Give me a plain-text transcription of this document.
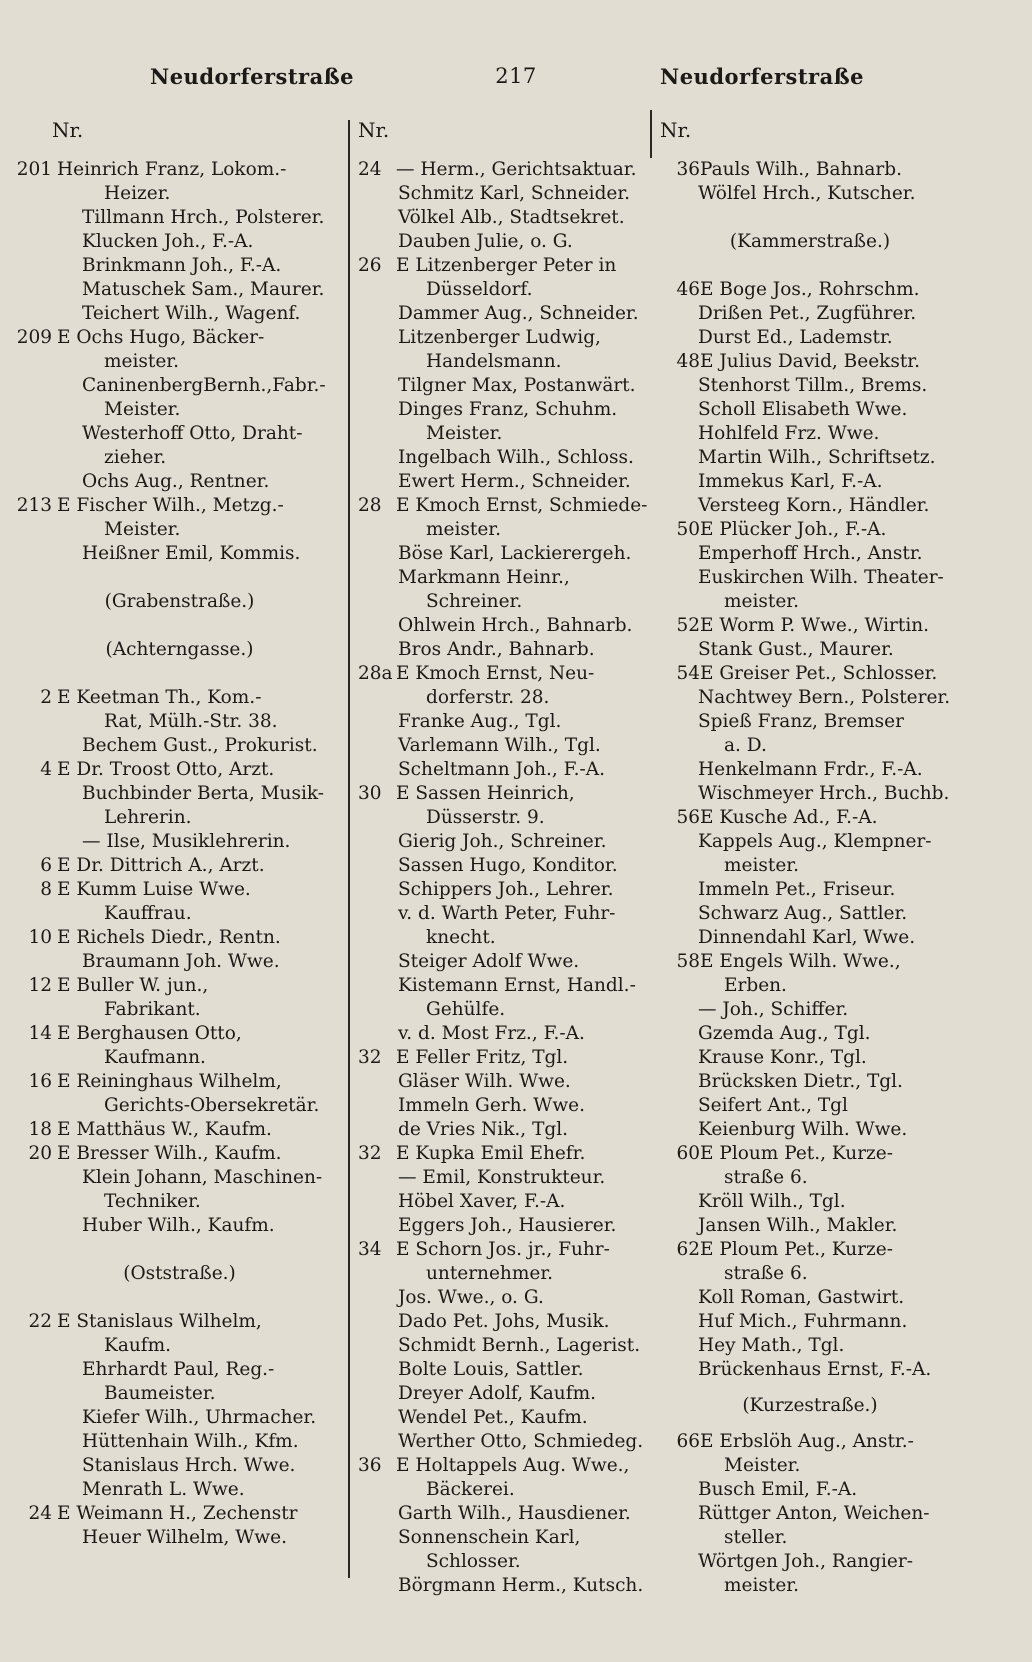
217
Neudorferstraße	Neudorferstraße
Nr.
201 Heinrich Franz, Lokom.-
Heizer.
Tillmann Hrch., Polsterer.
Klucken Joh., F.-A.
Brinkmann Joh., F.-A.
Matuschek Sam., Maurer.
Teichert Wilh., Wagenf.
209 E Ochs Hugo, Bäcker-
meister.
CaninenbergBernh.,Fabr.-
Meister.
Westerhoff Otto, Draht-
zieher.
Ochs Aug., Rentner.
213 E Fischer Wilh., Metzg.-
Meister.
Heißner Emil, Kommis.
(Grabenstraße.)
(Achterngasse.)
2 E Keetman Th., Kom.-
Rat, Mülh.-Str. 38.
Bechem Gust., Prokurist.
4 E Dr. Troost Otto, Arzt.
Buchbinder Berta, Musik-
Lehrerin.
— Ilse, Musiklehrerin.
6 E Dr. Dittrich A., Arzt.
8 E Kumm Luise Wwe.
Kauffrau.
10 E Richels Diedr., Rentn.
Braumann Joh. Wwe.
12 E Buller W. jun.,
Fabrikant.
14 E Berghausen Otto,
Kaufmann.
16 E Reininghaus Wilhelm,
Gerichts-Obersekretär.
18 E Matthäus W., Kaufm.
20 E Bresser Wilh., Kaufm.
Klein Johann, Maschinen-
Techniker.
Huber Wilh., Kaufm.
(Oststraße.)
22 E Stanislaus Wilhelm,
Kaufm.
Ehrhardt Paul, Reg.-
Baumeister.
Kiefer Wilh., Uhrmacher.
Hüttenhain Wilh., Kfm.
Stanislaus Hrch. Wwe.
Menrath L. Wwe.
24 E Weimann H., Zechenstr
Heuer Wilhelm, Wwe.
Nr.
24 — Herm., Gerichtsaktuar.
Schmitz Karl, Schneider.
Völkel Alb., Stadtsekret.
Dauben Julie, o. G.
26 E Litzenberger Peter in
Düsseldorf.
Dammer Aug., Schneider.
Litzenberger Ludwig,
Handelsmann.
Tilgner Max, Postanwärt.
Dinges Franz, Schuhm.
Meister.
Ingelbach Wilh., Schloss.
Ewert Herm., Schneider.
28 E Kmoch Ernst, Schmiede-
meister.
Böse Karl, Lackierergeh.
Markmann Heinr.,
Schreiner.
Ohlwein Hrch., Bahnarb.
Bros Andr., Bahnarb.
28a E Kmoch Ernst, Neu-
dorferstr. 28.
Franke Aug., Tgl.
Varlemann Wilh., Tgl.
Scheltmann Joh., F.-A.
30 E Sassen Heinrich,
Düsserstr. 9.
Gierig Joh., Schreiner.
Sassen Hugo, Konditor.
Schippers Joh., Lehrer.
v. d. Warth Peter, Fuhr-
knecht.
Steiger Adolf Wwe.
Kistemann Ernst, Handl.-
Gehülfe.
v. d. Most Frz., F.-A.
32 E Feller Fritz, Tgl.
Gläser Wilh. Wwe.
Immeln Gerh. Wwe.
de Vries Nik., Tgl.
32 E Kupka Emil Ehefr.
— Emil, Konstrukteur.
Höbel Xaver, F.-A.
Eggers Joh., Hausierer.
34 E Schorn Jos. jr., Fuhr-
unternehmer.
Jos. Wwe., o. G.
Dado Pet. Johs, Musik.
Schmidt Bernh., Lagerist.
Bolte Louis, Sattler.
Dreyer Adolf, Kaufm.
Wendel Pet., Kaufm.
Werther Otto, Schmiedeg.
36 E Holtappels Aug. Wwe.,
Bäckerei.
Garth Wilh., Hausdiener.
Sonnenschein Karl,
Schlosser.
Börgmann Herm., Kutsch.
Nr.
36 Pauls Wilh., Bahnarb.
Wölfel Hrch., Kutscher.
(Kammerstraße.)
46 E Boge Jos., Rohrschm.
Drißen Pet., Zugführer.
Durst Ed., Lademstr.
48 E Julius David, Beekstr.
Stenhorst Tillm., Brems.
Scholl Elisabeth Wwe.
Hohlfeld Frz. Wwe.
Martin Wilh., Schriftsetz.
Immekus Karl, F.-A.
Versteeg Korn., Händler.
50 E Plücker Joh., F.-A.
Emperhoff Hrch., Anstr.
Euskirchen Wilh. Theater-
meister.
52 E Worm P. Wwe., Wirtin.
Stank Gust., Maurer.
54 E Greiser Pet., Schlosser.
Nachtwey Bern., Polsterer.
Spieß Franz, Bremser
a. D.
Henkelmann Frdr., F.-A.
Wischmeyer Hrch., Buchb.
56 E Kusche Ad., F.-A.
Kappels Aug., Klempner-
meister.
Immeln Pet., Friseur.
Schwarz Aug., Sattler.
Dinnendahl Karl, Wwe.
58 E Engels Wilh. Wwe.,
Erben.
— Joh., Schiffer.
Gzemda Aug., Tgl.
Krause Konr., Tgl.
Brücksken Dietr., Tgl.
Seifert Ant., Tgl
Keienburg Wilh. Wwe.
60 E Ploum Pet., Kurze-
straße 6.
Kröll Wilh., Tgl.
Jansen Wilh., Makler.
62 E Ploum Pet., Kurze-
straße 6.
Koll Roman, Gastwirt.
Huf Mich., Fuhrmann.
Hey Math., Tgl.
Brückenhaus Ernst, F.-A.
(Kurzestraße.)
66 E Erbslöh Aug., Anstr.-
Meister.
Busch Emil, F.-A.
Rüttger Anton, Weichen-
steller.
Wörtgen Joh., Rangier-
meister.
